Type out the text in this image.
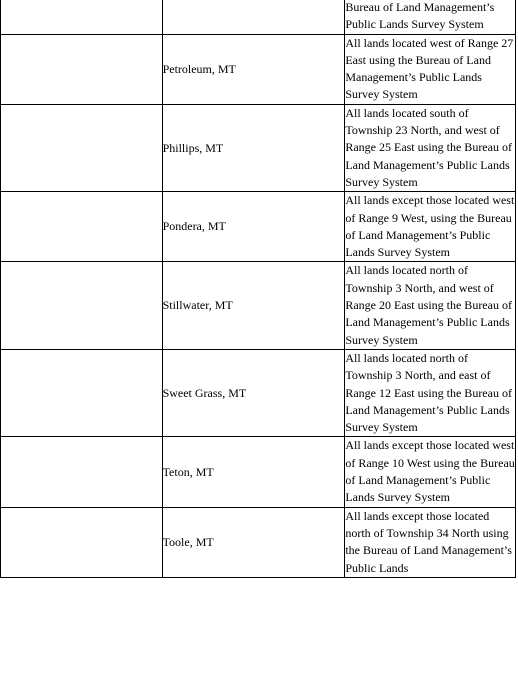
		Bureau of Land Management’s Public Lands Survey System
	Petroleum, MT	All lands located west of Range 27 East using the Bureau of Land Management’s Public Lands Survey System
	Phillips, MT	All lands located south of Township 23 North, and west of Range 25 East using the Bureau of Land Management’s Public Lands Survey System
	Pondera, MT	All lands except those located west of Range 9 West, using the Bureau of Land Management’s Public Lands Survey System
	Stillwater, MT	All lands located north of Township 3 North, and west of Range 20 East using the Bureau of Land Management’s Public Lands Survey System
	Sweet Grass, MT	All lands located north of Township 3 North, and east of Range 12 East using the Bureau of Land Management’s Public Lands Survey System
	Teton, MT	All lands except those located west of Range 10 West using the Bureau of Land Management’s Public Lands Survey System
	Toole, MT	All lands except those located north of Township 34 North using the Bureau of Land Management’s Public Lands
